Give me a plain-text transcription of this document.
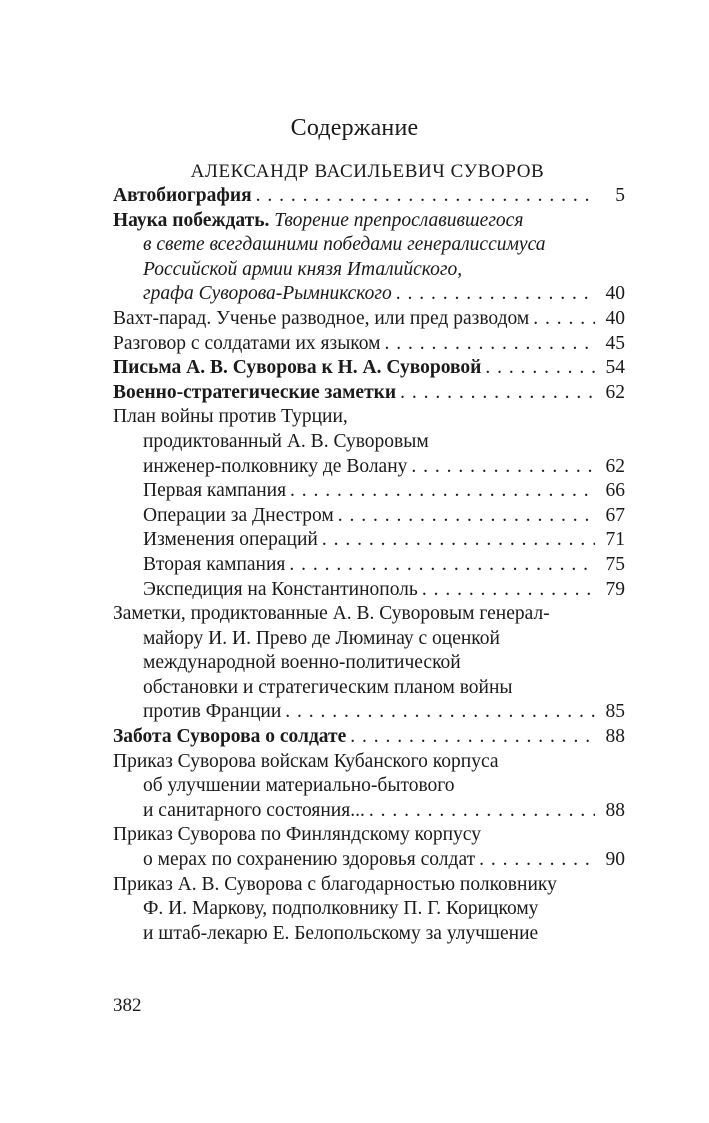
Содержание
АЛЕКСАНДР ВАСИЛЬЕВИЧ СУВОРОВ
Автобиография . . .	5
Наука побеждать. Творение препрославившегося
в свете всегдашними победами генералиссимуса
Российской армии князя Италийского,
графа Суворова-Рымникского . . .	40
Вахт-парад. Ученье разводное, или пред разводом . . .	40
Разговор с солдатами их языком . . .	45
Письма А. В. Суворова к Н. А. Суворовой . . .	54
Военно-стратегические заметки . . .	62
План войны против Турции,
продиктованный А. В. Суворовым
инженер-полковнику де Волану . . .	62
Первая кампания . . .	66
Операции за Днестром . . .	67
Изменения операций . . .	71
Вторая кампания . . .	75
Экспедиция на Константинополь . . .	79
Заметки, продиктованные А. В. Суворовым генерал-
майору И. И. Прево де Люминау с оценкой
международной военно-политической
обстановки и стратегическим планом войны
против Франции . . .	85
Забота Суворова о солдате . . .	88
Приказ Суворова войскам Кубанского корпуса
об улучшении материально-бытового
и санитарного состояния... . . .	88
Приказ Суворова по Финляндскому корпусу
о мерах по сохранению здоровья солдат . . .	90
Приказ А. В. Суворова с благодарностью полковнику
Ф. И. Маркову, подполковнику П. Г. Корицкому
и штаб-лекарю Е. Белопольскому за улучшение
382
